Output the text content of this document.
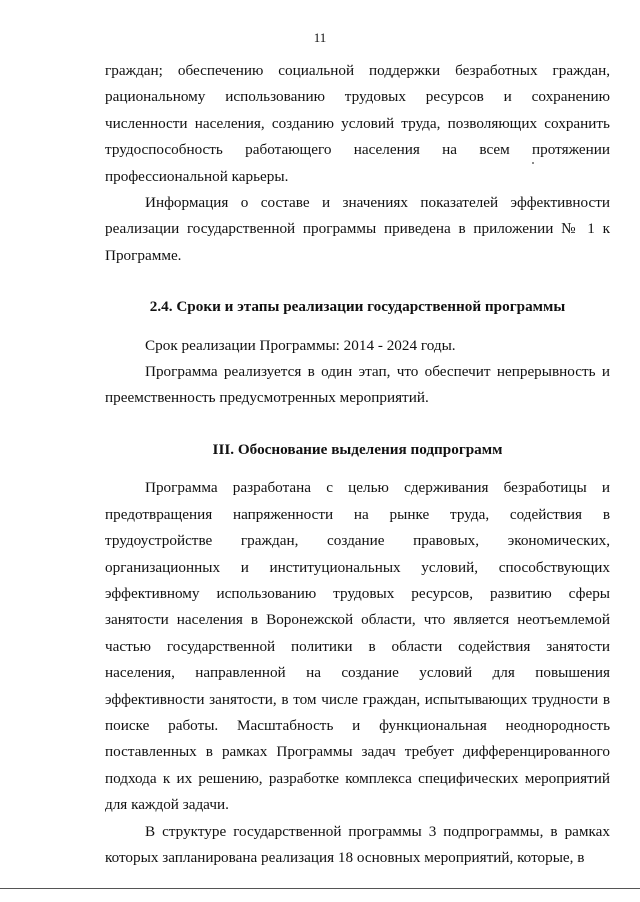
11

граждан; обеспечению социальной поддержки безработных граждан, рациональному использованию трудовых ресурсов и сохранению численности населения, созданию условий труда, позволяющих сохранить трудоспособность работающего населения на всем протяжении профессиональной карьеры.

Информация о составе и значениях показателей эффективности реализации государственной программы приведена в приложении № 1 к Программе.

2.4. Сроки и этапы реализации государственной программы

Срок реализации Программы: 2014 - 2024 годы.

Программа реализуется в один этап, что обеспечит непрерывность и преемственность предусмотренных мероприятий.

III. Обоснование выделения подпрограмм

Программа разработана с целью сдерживания безработицы и предотвращения напряженности на рынке труда, содействия в трудоустройстве граждан, создание правовых, экономических, организационных и институциональных условий, способствующих эффективному использованию трудовых ресурсов, развитию сферы занятости населения в Воронежской области, что является неотъемлемой частью государственной политики в области содействия занятости населения, направленной на создание условий для повышения эффективности занятости, в том числе граждан, испытывающих трудности в поиске работы. Масштабность и функциональная неоднородность поставленных в рамках Программы задач требует дифференцированного подхода к их решению, разработке комплекса специфических мероприятий для каждой задачи.

В структуре государственной программы 3 подпрограммы, в рамках которых запланирована реализация 18 основных мероприятий, которые, в
